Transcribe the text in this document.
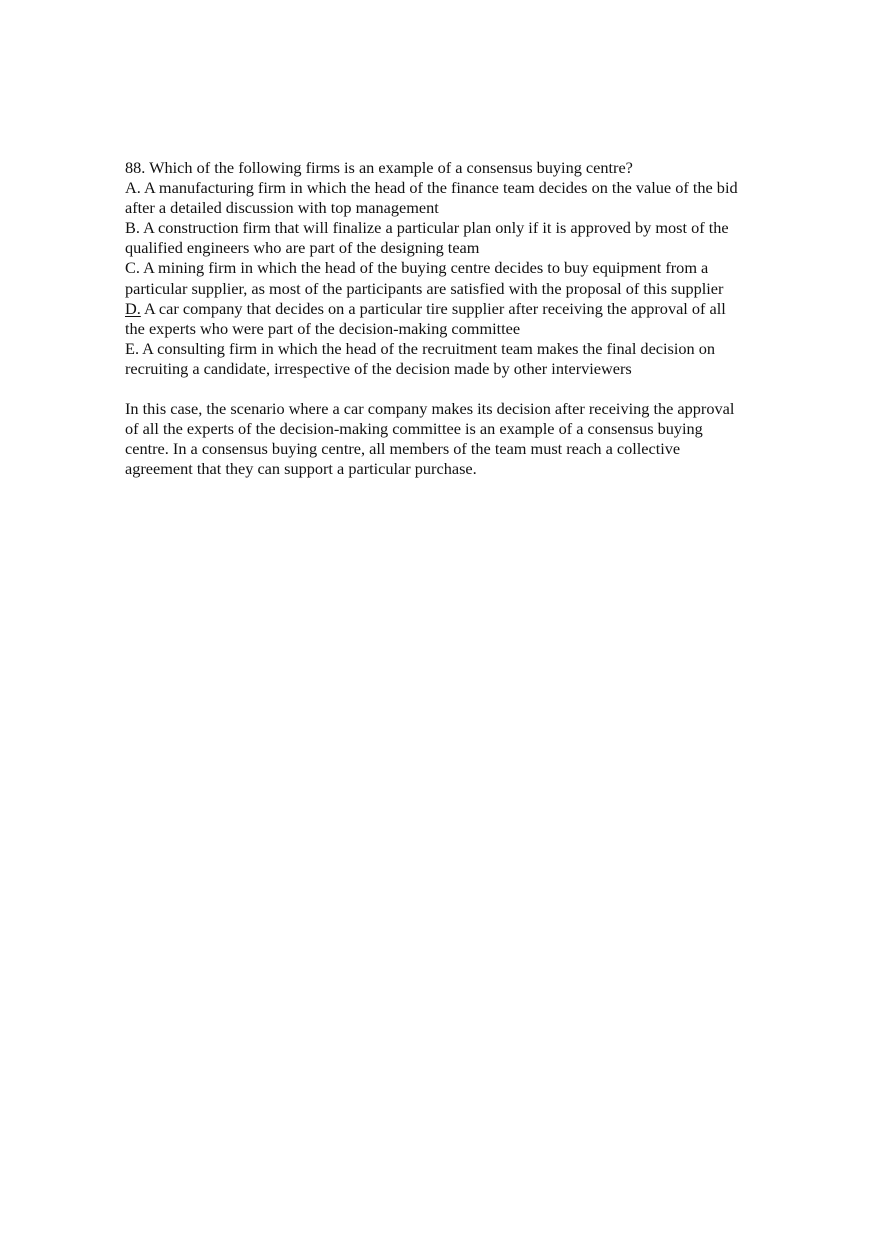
88. Which of the following firms is an example of a consensus buying centre?
A. A manufacturing firm in which the head of the finance team decides on the value of the bid
after a detailed discussion with top management
B. A construction firm that will finalize a particular plan only if it is approved by most of the
qualified engineers who are part of the designing team
C. A mining firm in which the head of the buying centre decides to buy equipment from a
particular supplier, as most of the participants are satisfied with the proposal of this supplier
D. A car company that decides on a particular tire supplier after receiving the approval of all
the experts who were part of the decision-making committee
E. A consulting firm in which the head of the recruitment team makes the final decision on
recruiting a candidate, irrespective of the decision made by other interviewers
In this case, the scenario where a car company makes its decision after receiving the approval
of all the experts of the decision-making committee is an example of a consensus buying
centre. In a consensus buying centre, all members of the team must reach a collective
agreement that they can support a particular purchase.
